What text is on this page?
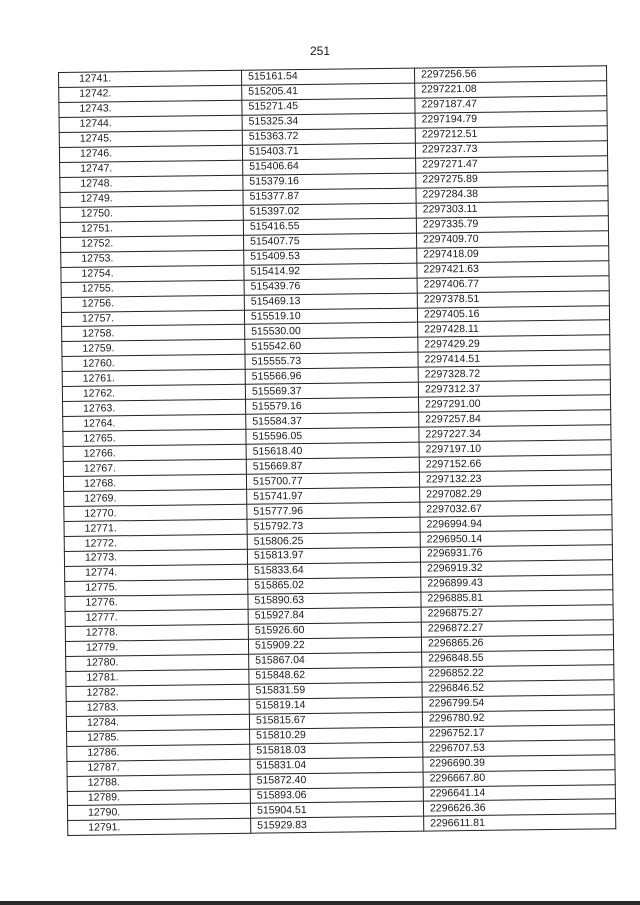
251
12741.	515161.54	2297256.56
12742.	515205.41	2297221.08
12743.	515271.45	2297187.47
12744.	515325.34	2297194.79
12745.	515363.72	2297212.51
12746.	515403.71	2297237.73
12747.	515406.64	2297271.47
12748.	515379.16	2297275.89
12749.	515377.87	2297284.38
12750.	515397.02	2297303.11
12751.	515416.55	2297335.79
12752.	515407.75	2297409.70
12753.	515409.53	2297418.09
12754.	515414.92	2297421.63
12755.	515439.76	2297406.77
12756.	515469.13	2297378.51
12757.	515519.10	2297405.16
12758.	515530.00	2297428.11
12759.	515542.60	2297429.29
12760.	515555.73	2297414.51
12761.	515566.96	2297328.72
12762.	515569.37	2297312.37
12763.	515579.16	2297291.00
12764.	515584.37	2297257.84
12765.	515596.05	2297227.34
12766.	515618.40	2297197.10
12767.	515669.87	2297152.66
12768.	515700.77	2297132.23
12769.	515741.97	2297082.29
12770.	515777.96	2297032.67
12771.	515792.73	2296994.94
12772.	515806.25	2296950.14
12773.	515813.97	2296931.76
12774.	515833.64	2296919.32
12775.	515865.02	2296899.43
12776.	515890.63	2296885.81
12777.	515927.84	2296875.27
12778.	515926.60	2296872.27
12779.	515909.22	2296865.26
12780.	515867.04	2296848.55
12781.	515848.62	2296852.22
12782.	515831.59	2296846.52
12783.	515819.14	2296799.54
12784.	515815.67	2296780.92
12785.	515810.29	2296752.17
12786.	515818.03	2296707.53
12787.	515831.04	2296690.39
12788.	515872.40	2296667.80
12789.	515893.06	2296641.14
12790.	515904.51	2296626.36
12791.	515929.83	2296611.81
